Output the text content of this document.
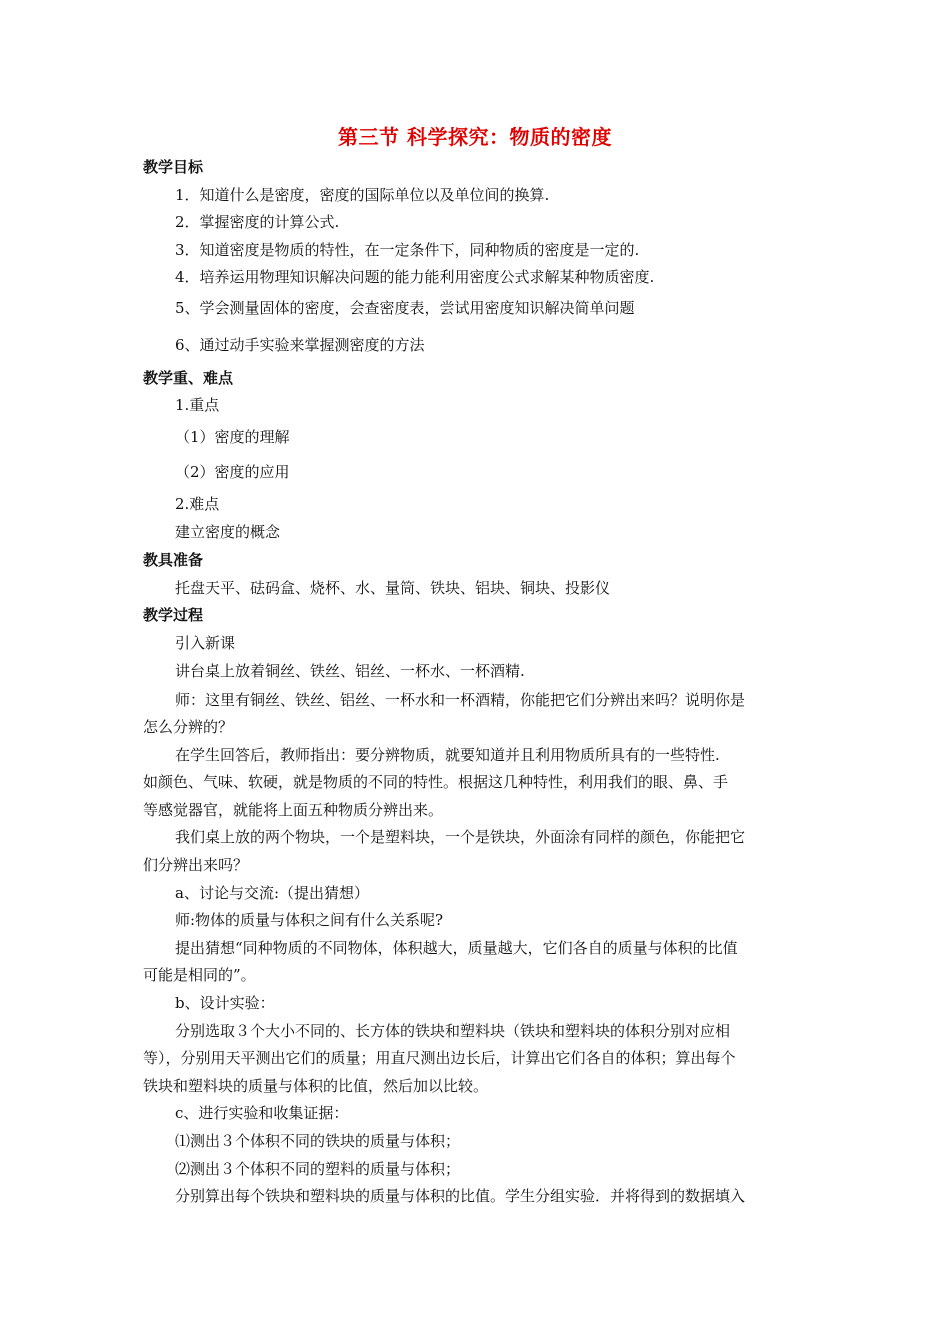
第三节 科学探究：物质的密度
教学目标
1．知道什么是密度，密度的国际单位以及单位间的换算.
2．掌握密度的计算公式.
3．知道密度是物质的特性，在一定条件下，同种物质的密度是一定的.
4．培养运用物理知识解决问题的能力能利用密度公式求解某种物质密度.
5、学会测量固体的密度，会查密度表，尝试用密度知识解决简单问题
6、通过动手实验来掌握测密度的方法
教学重、难点
1.重点
（1）密度的理解
（2）密度的应用
2.难点
建立密度的概念
教具准备
托盘天平、砝码盒、烧杯、水、量筒、铁块、铝块、铜块、投影仪
教学过程
引入新课
讲台桌上放着铜丝、铁丝、铝丝、一杯水、一杯酒精.
师：这里有铜丝、铁丝、铝丝、一杯水和一杯酒精，你能把它们分辨出来吗？说明你是
怎么分辨的？
在学生回答后，教师指出：要分辨物质，就要知道并且利用物质所具有的一些特性.
如颜色、气味、软硬，就是物质的不同的特性。根据这几种特性，利用我们的眼、鼻、手
等感觉器官，就能将上面五种物质分辨出来。
我们桌上放的两个物块，一个是塑料块，一个是铁块，外面涂有同样的颜色，你能把它
们分辨出来吗？
a、讨论与交流:（提出猜想）
师:物体的质量与体积之间有什么关系呢?
提出猜想“同种物质的不同物体，体积越大，质量越大，它们各自的质量与体积的比值
可能是相同的”。
b、设计实验：
分别选取３个大小不同的、长方体的铁块和塑料块（铁块和塑料块的体积分别对应相
等），分别用天平测出它们的质量；用直尺测出边长后，计算出它们各自的体积；算出每个
铁块和塑料块的质量与体积的比值，然后加以比较。
c、进行实验和收集证据：
⑴测出３个体积不同的铁块的质量与体积；
⑵测出３个体积不同的塑料的质量与体积；
分别算出每个铁块和塑料块的质量与体积的比值。学生分组实验．并将得到的数据填入
